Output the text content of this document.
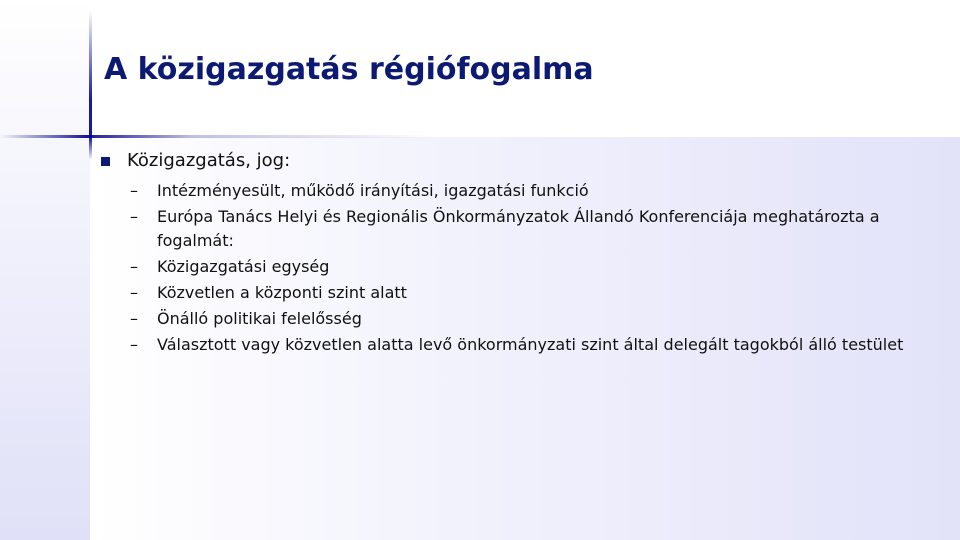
A közigazgatás régiófogalma
Közigazgatás, jog:
– Intézményesült, működő irányítási, igazgatási funkció
– Európa Tanács Helyi és Regionális Önkormányzatok Állandó Konferenciája meghatározta a fogalmát:
– Közigazgatási egység
– Közvetlen a központi szint alatt
– Önálló politikai felelősség
– Választott vagy közvetlen alatta levő önkormányzati szint által delegált tagokból álló testület
